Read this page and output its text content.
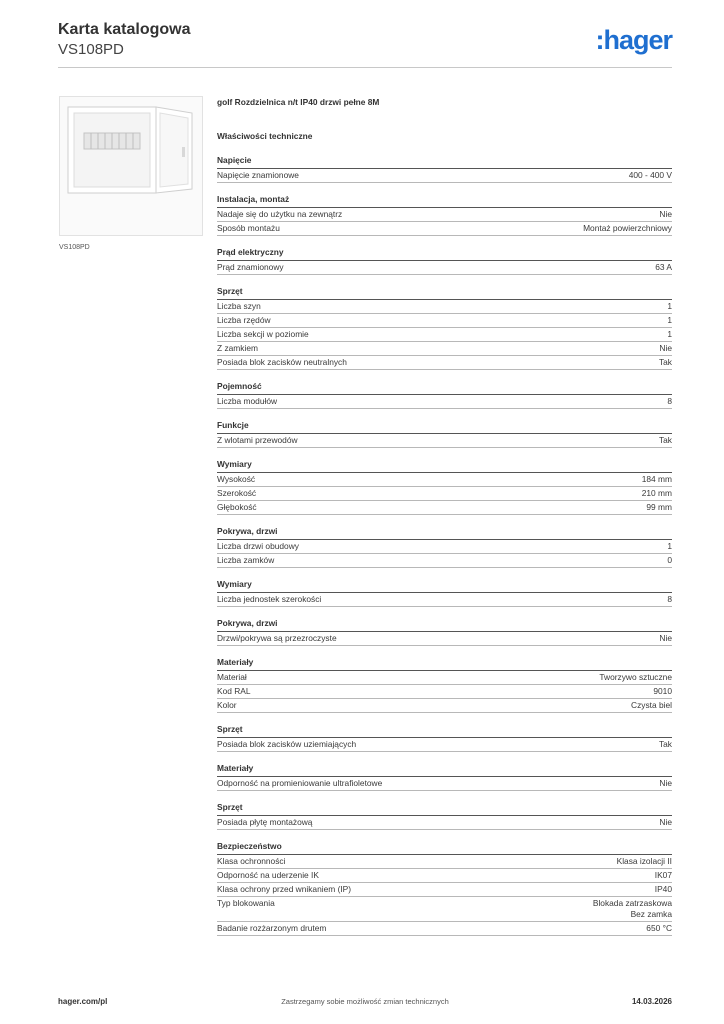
Karta katalogowa
VS108PD	:hager
VS108PD
golf Rozdzielnica n/t IP40 drzwi pełne 8M
Właściwości techniczne
Napięcie
Napięcie znamionowe	400 - 400 V
Instalacja, montaż
Nadaje się do użytku na zewnątrz	Nie
Sposób montażu	Montaż powierzchniowy
Prąd elektryczny
Prąd znamionowy	63 A
Sprzęt
Liczba szyn	1
Liczba rzędów	1
Liczba sekcji w poziomie	1
Z zamkiem	Nie
Posiada blok zacisków neutralnych	Tak
Pojemność
Liczba modułów	8
Funkcje
Z wlotami przewodów	Tak
Wymiary
Wysokość	184 mm
Szerokość	210 mm
Głębokość	99 mm
Pokrywa, drzwi
Liczba drzwi obudowy	1
Liczba zamków	0
Wymiary
Liczba jednostek szerokości	8
Pokrywa, drzwi
Drzwi/pokrywa są przezroczyste	Nie
Materiały
Materiał	Tworzywo sztuczne
Kod RAL	9010
Kolor	Czysta biel
Sprzęt
Posiada blok zacisków uziemiających	Tak
Materiały
Odporność na promieniowanie ultrafioletowe	Nie
Sprzęt
Posiada płytę montażową	Nie
Bezpieczeństwo
Klasa ochronności	Klasa izolacji II
Odporność na uderzenie IK	IK07
Klasa ochrony przed wnikaniem (IP)	IP40
Typ blokowania	Blokada zatrzaskowa
Bez zamka
Badanie rozżarzonym drutem	650 °C
hager.com/pl	Zastrzegamy sobie możliwość zmian technicznych	14.03.2026
